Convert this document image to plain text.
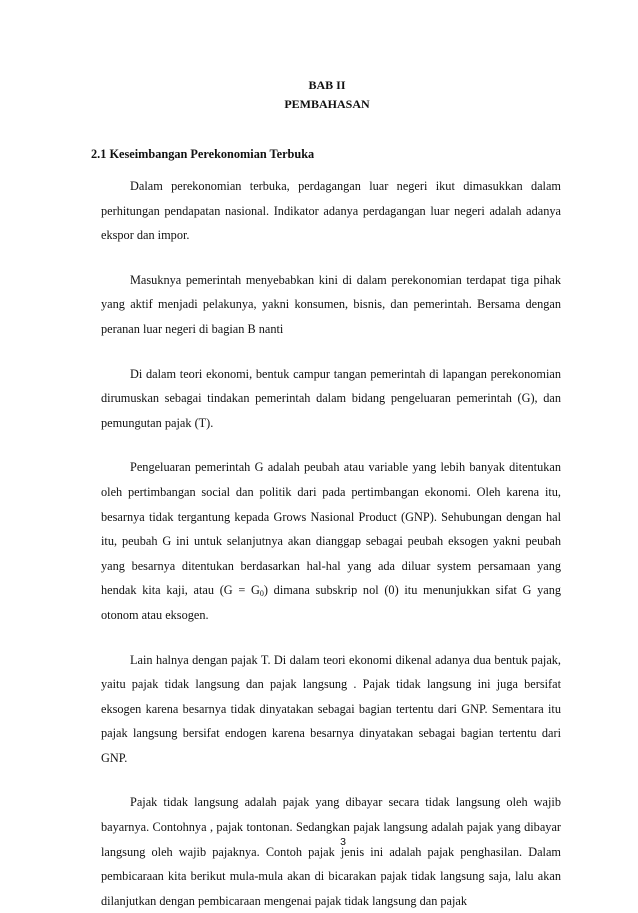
BAB II
PEMBAHASAN
2.1 Keseimbangan Perekonomian Terbuka

Dalam perekonomian terbuka, perdagangan luar negeri ikut dimasukkan dalam perhitungan pendapatan nasional. Indikator adanya perdagangan luar negeri adalah adanya ekspor dan impor.

Masuknya pemerintah menyebabkan kini di dalam perekonomian terdapat tiga pihak yang aktif menjadi pelakunya, yakni konsumen, bisnis, dan pemerintah. Bersama dengan peranan luar negeri di bagian B nanti

Di dalam teori ekonomi, bentuk campur tangan pemerintah di lapangan perekonomian dirumuskan sebagai tindakan pemerintah dalam bidang pengeluaran pemerintah (G), dan pemungutan pajak (T).

Pengeluaran pemerintah G adalah peubah atau variable yang lebih banyak ditentukan oleh pertimbangan social dan politik dari pada pertimbangan ekonomi. Oleh karena itu, besarnya tidak tergantung kepada Grows Nasional Product (GNP). Sehubungan dengan hal itu, peubah G ini untuk selanjutnya akan dianggap sebagai peubah eksogen yakni peubah yang besarnya ditentukan berdasarkan hal-hal yang ada diluar system persamaan yang hendak kita kaji, atau $(G = G_0)$ dimana subskrip nol (0) itu menunjukkan sifat G yang otonom atau eksogen.

Lain halnya dengan pajak T. Di dalam teori ekonomi dikenal adanya dua bentuk pajak, yaitu pajak tidak langsung dan pajak langsung . Pajak tidak langsung ini juga bersifat eksogen karena besarnya tidak dinyatakan sebagai bagian tertentu dari GNP. Sementara itu pajak langsung bersifat endogen karena besarnya dinyatakan sebagai bagian tertentu dari GNP.

Pajak tidak langsung adalah pajak yang dibayar secara tidak langsung oleh wajib bayarnya. Contohnya , pajak tontonan. Sedangkan pajak langsung adalah pajak yang dibayar langsung oleh wajib pajaknya. Contoh pajak jenis ini adalah pajak penghasilan. Dalam pembicaraan kita berikut mula-mula akan di bicarakan pajak tidak langsung saja, lalu akan dilanjutkan dengan pembicaraan mengenai pajak tidak langsung dan pajak

3
